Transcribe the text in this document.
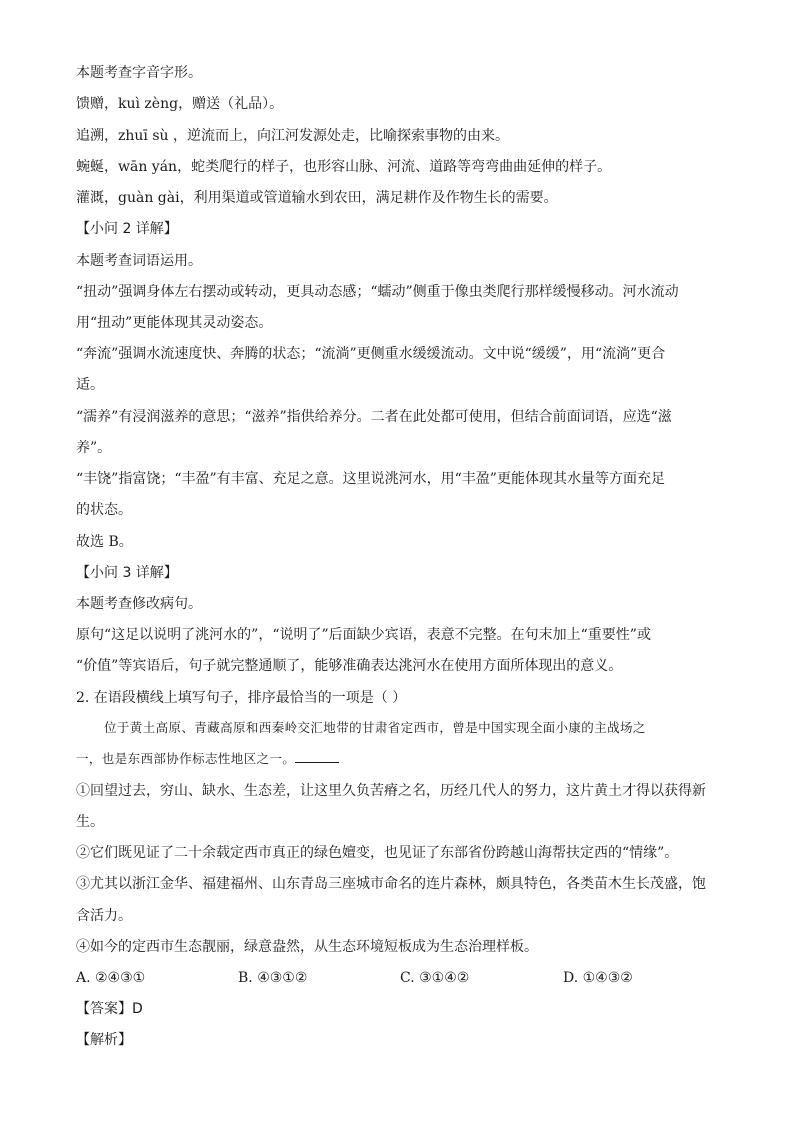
本题考查字音字形。
馈赠，kuì zèng，赠送（礼品）。
追溯，zhuī sù ，逆流而上，向江河发源处走，比喻探索事物的由来。
蜿蜒，wān yán，蛇类爬行的样子，也形容山脉、河流、道路等弯弯曲曲延伸的样子。
灌溉，guàn gài，利用渠道或管道输水到农田，满足耕作及作物生长的需要。
【小问 2 详解】
本题考查词语运用。
“扭动”强调身体左右摆动或转动，更具动态感；“蠕动”侧重于像虫类爬行那样缓慢移动。河水流动
用“扭动”更能体现其灵动姿态。
“奔流”强调水流速度快、奔腾的状态；“流淌”更侧重水缓缓流动。文中说“缓缓”，用“流淌”更合
适。
“濡养”有浸润滋养的意思；“滋养”指供给养分。二者在此处都可使用，但结合前面词语，应选“滋
养”。
“丰饶”指富饶；“丰盈”有丰富、充足之意。这里说洮河水，用“丰盈”更能体现其水量等方面充足
的状态。
故选 B。
【小问 3 详解】
本题考查修改病句。
原句“这足以说明了洮河水的”，“说明了”后面缺少宾语，表意不完整。在句末加上“重要性”或
“价值”等宾语后，句子就完整通顺了，能够准确表达洮河水在使用方面所体现出的意义。
2. 在语段横线上填写句子，排序最恰当的一项是（ ）
位于黄土高原、青藏高原和西秦岭交汇地带的甘肃省定西市，曾是中国实现全面小康的主战场之
一，也是东西部协作标志性地区之一。
①回望过去，穷山、缺水、生态差，让这里久负苦瘠之名，历经几代人的努力，这片黄土才得以获得新
生。
②它们既见证了二十余载定西市真正的绿色嬗变，也见证了东部省份跨越山海帮扶定西的“情缘”。
③尤其以浙江金华、福建福州、山东青岛三座城市命名的连片森林，颇具特色，各类苗木生长茂盛，饱
含活力。
④如今的定西市生态靓丽，绿意盎然，从生态环境短板成为生态治理样板。
A. ②④③①	B. ④③①②	C. ③①④②	D. ①④③②
【答案】D
【解析】
